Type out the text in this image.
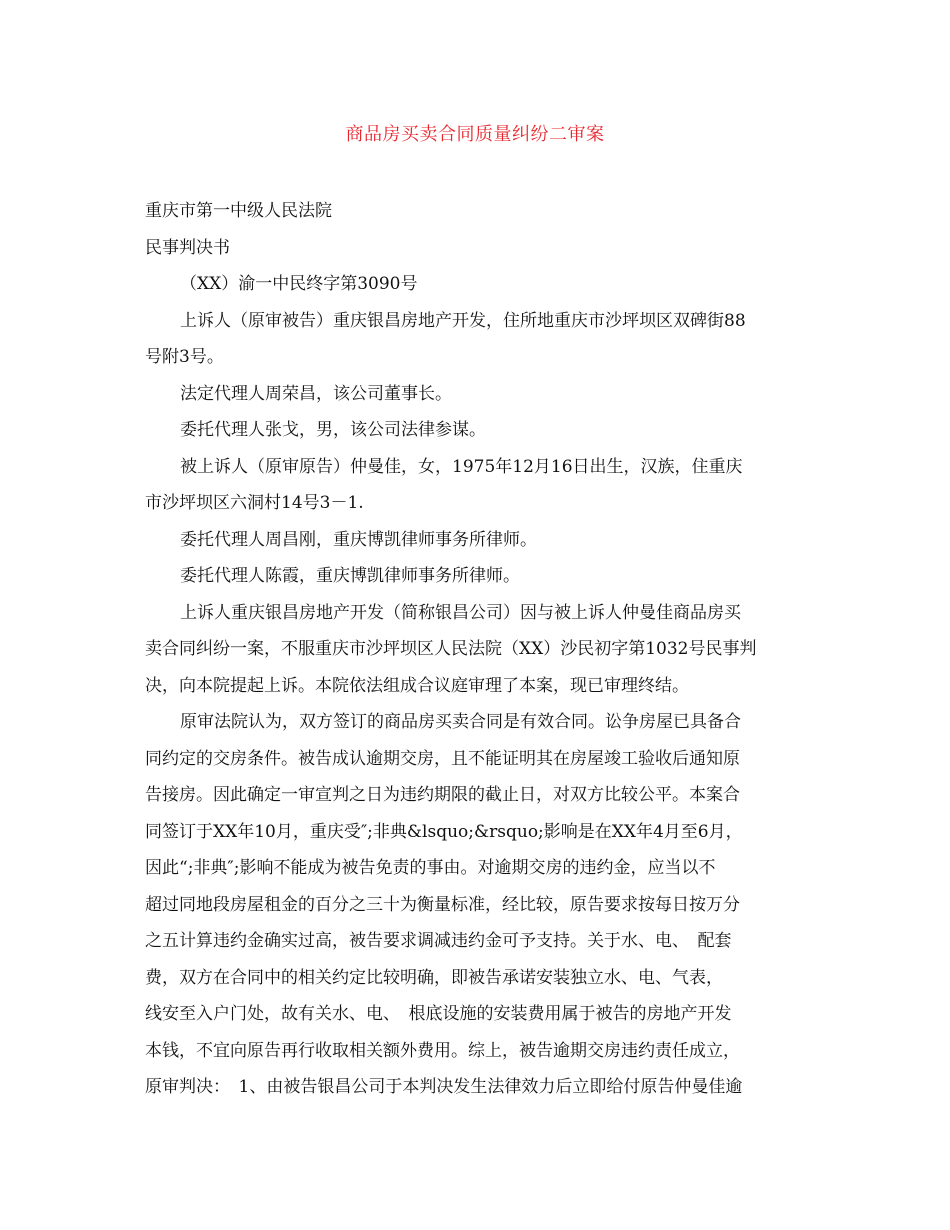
商品房买卖合同质量纠纷二审案

重庆市第一中级人民法院

民事判决书

（XX）渝一中民终字第3090号

上诉人（原审被告）重庆银昌房地产开发，住所地重庆市沙坪坝区双碑街88

号附3号。

法定代理人周荣昌，该公司董事长。

委托代理人张戈，男，该公司法律参谋。

被上诉人（原审原告）仲曼佳，女，1975年12月16日出生，汉族，住重庆

市沙坪坝区六洞村14号3－1.

委托代理人周昌刚，重庆博凯律师事务所律师。

委托代理人陈霞，重庆博凯律师事务所律师。

上诉人重庆银昌房地产开发（简称银昌公司）因与被上诉人仲曼佳商品房买

卖合同纠纷一案，不服重庆市沙坪坝区人民法院（XX）沙民初字第1032号民事判

决，向本院提起上诉。本院依法组成合议庭审理了本案，现已审理终结。

原审法院认为，双方签订的商品房买卖合同是有效合同。讼争房屋已具备合

同约定的交房条件。被告成认逾期交房，且不能证明其在房屋竣工验收后通知原

告接房。因此确定一审宣判之日为违约期限的截止日，对双方比较公平。本案合

同签订于XX年10月，重庆受″;非典&lsquo;&rsquo;影响是在XX年4月至6月，

因此“;非典″;影响不能成为被告免责的事由。对逾期交房的违约金，应当以不

超过同地段房屋租金的百分之三十为衡量标准，经比较，原告要求按每日按万分

之五计算违约金确实过高，被告要求调减违约金可予支持。关于水、电、　配套

费，双方在合同中的相关约定比较明确，即被告承诺安装独立水、电、气表，

线安至入户门处，故有关水、电、　根底设施的安装费用属于被告的房地产开发

本钱，不宜向原告再行收取相关额外费用。综上，被告逾期交房违约责任成立，

原审判决：　1、由被告银昌公司于本判决发生法律效力后立即给付原告仲曼佳逾
